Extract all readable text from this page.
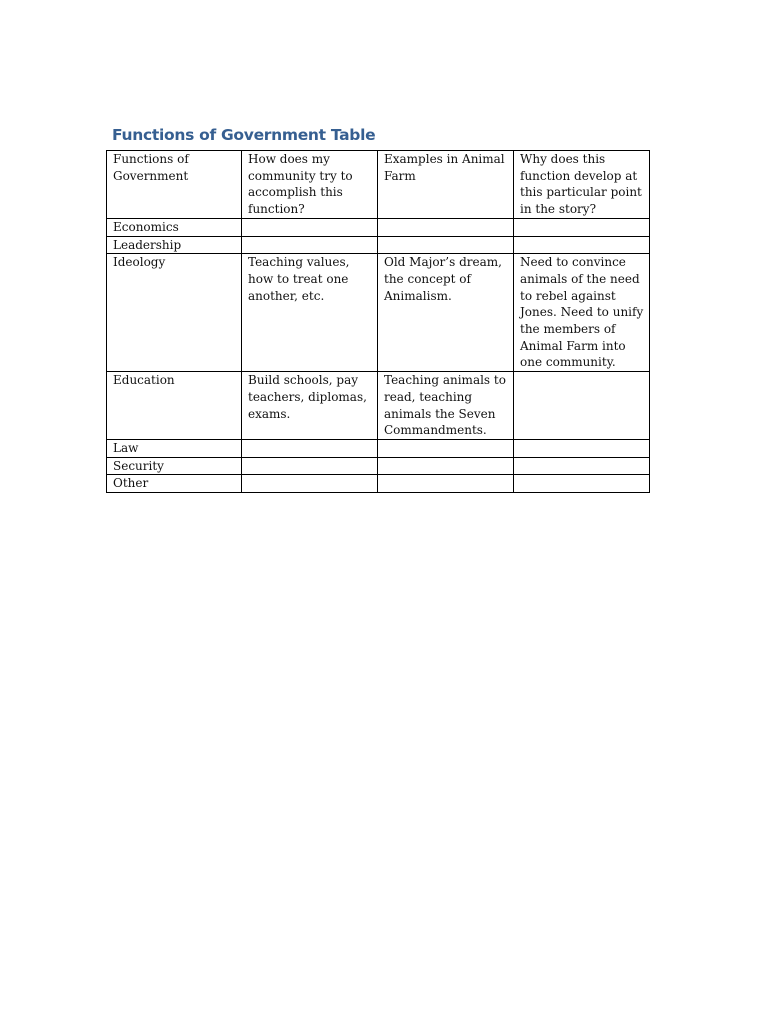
Functions of Government Table
Functions of Government	How does my community try to accomplish this function?	Examples in Animal Farm	Why does this function develop at this particular point in the story?
Economics			
Leadership			
Ideology	Teaching values, how to treat one another, etc.	Old Major’s dream, the concept of Animalism.	Need to convince animals of the need to rebel against Jones. Need to unify the members of Animal Farm into one community.
Education	Build schools, pay teachers, diplomas, exams.	Teaching animals to read, teaching animals the Seven Commandments.	
Law			
Security			
Other			
